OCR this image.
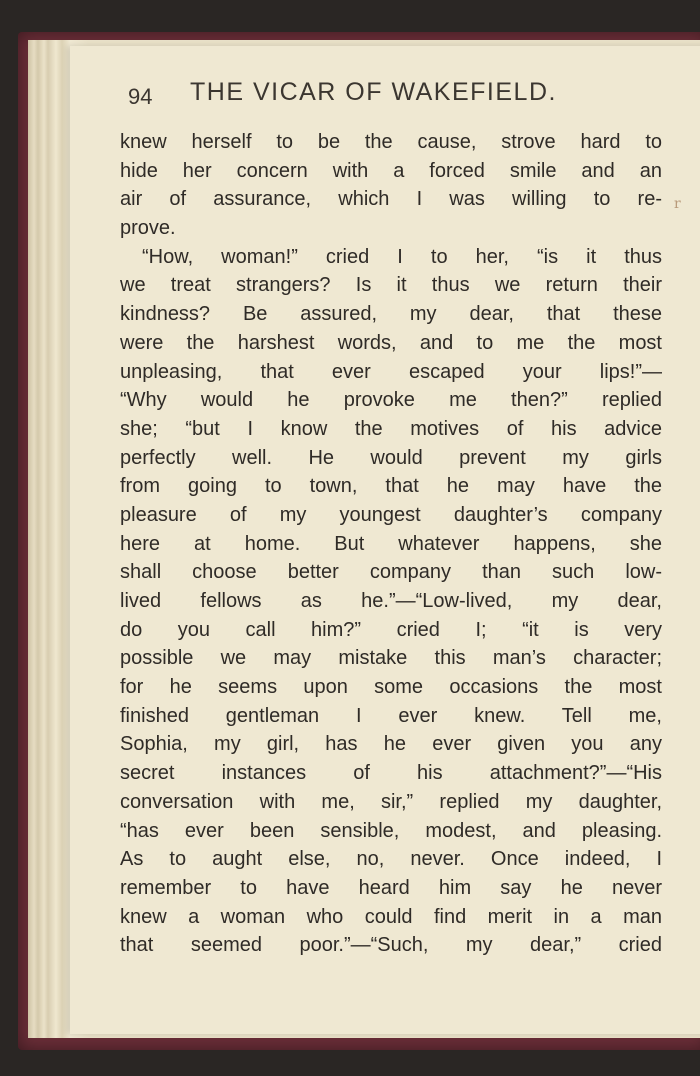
94 THE VICAR OF WAKEFIELD.
knew herself to be the cause, strove hard to
hide her concern with a forced smile and an
air of assurance, which I was willing to re-
prove.
“How, woman!” cried I to her, “is it thus
we treat strangers? Is it thus we return their
kindness? Be assured, my dear, that these
were the harshest words, and to me the most
unpleasing, that ever escaped your lips!”—
“Why would he provoke me then?” replied
she; “but I know the motives of his advice
perfectly well. He would prevent my girls
from going to town, that he may have the
pleasure of my youngest daughter’s company
here at home. But whatever happens, she
shall choose better company than such low-
lived fellows as he.”—“Low-lived, my dear,
do you call him?” cried I; “it is very
possible we may mistake this man’s character;
for he seems upon some occasions the most
finished gentleman I ever knew. Tell me,
Sophia, my girl, has he ever given you any
secret instances of his attachment?”—“His
conversation with me, sir,” replied my daughter,
“has ever been sensible, modest, and pleasing.
As to aught else, no, never. Once indeed, I
remember to have heard him say he never
knew a woman who could find merit in a man
that seemed poor.”—“Such, my dear,” cried
r
